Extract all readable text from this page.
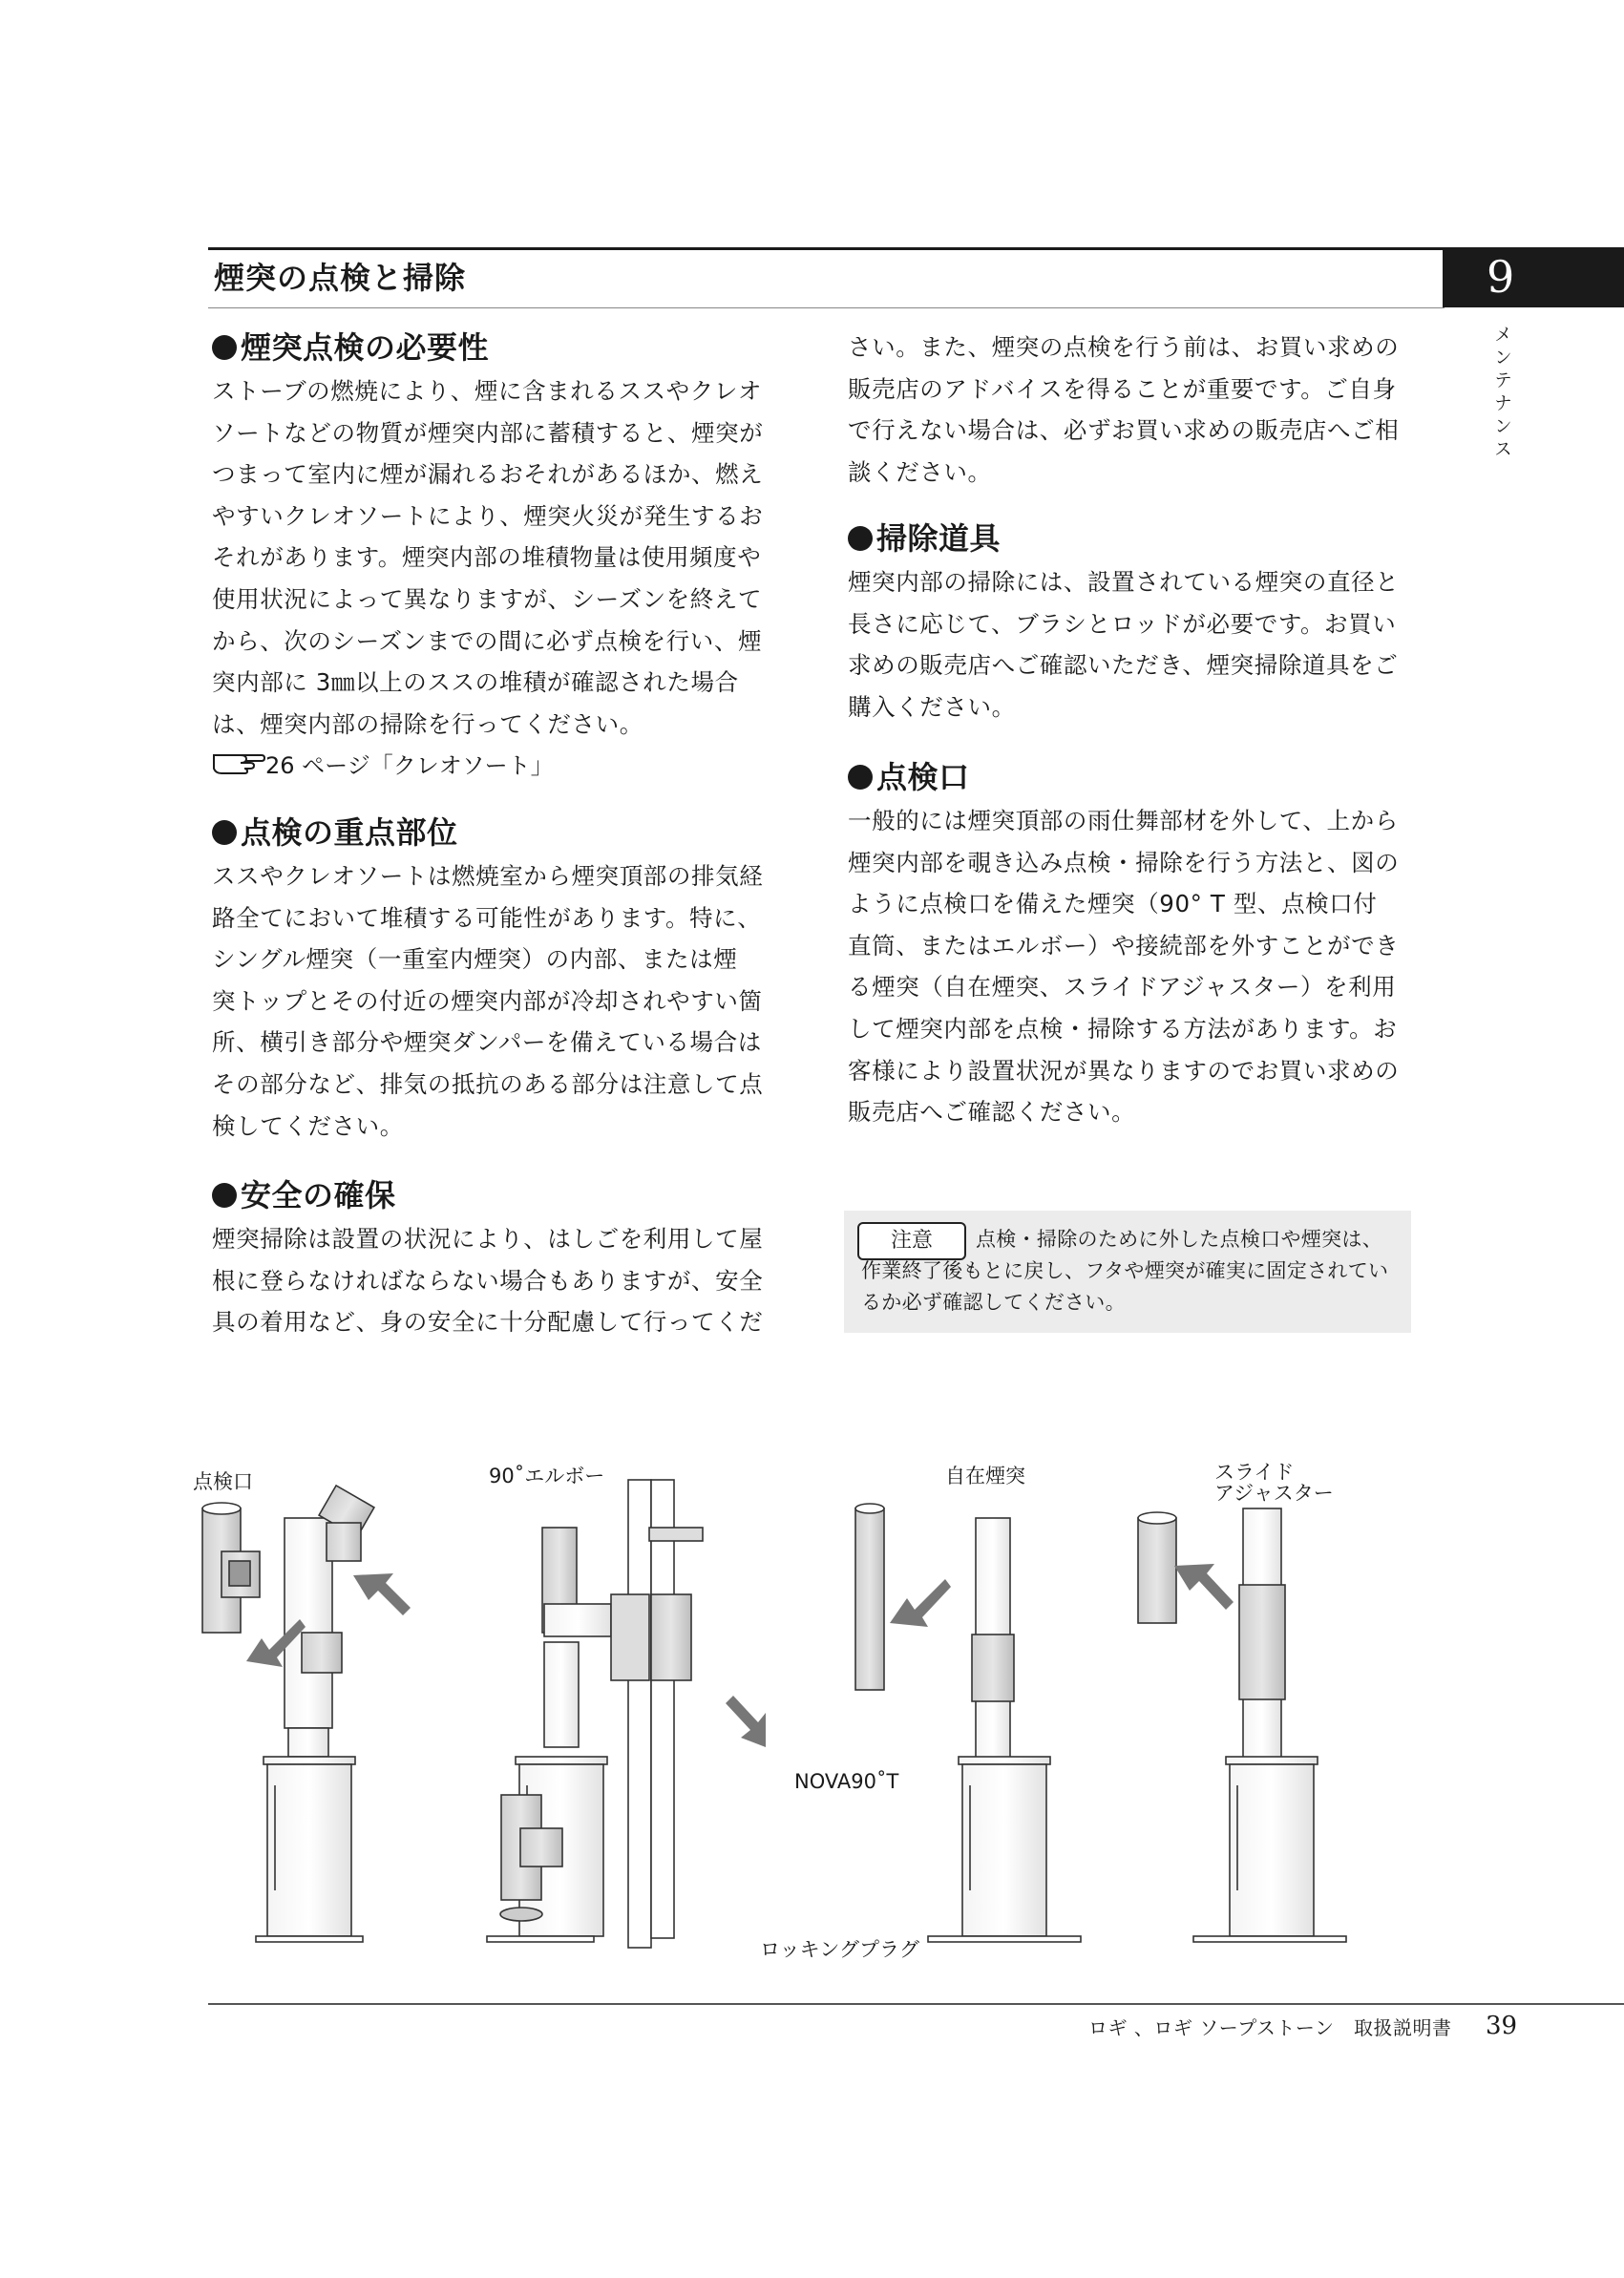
煙突の点検と掃除	9
メンテナンス
煙突点検の必要性

ストーブの燃焼により、煙に含まれるススやクレオ
ソートなどの物質が煙突内部に蓄積すると、煙突が
つまって室内に煙が漏れるおそれがあるほか、燃え
やすいクレオソートにより、煙突火災が発生するお
それがあります。煙突内部の堆積物量は使用頻度や
使用状況によって異なりますが、シーズンを終えて
から、次のシーズンまでの間に必ず点検を行い、煙
突内部に 3㎜以上のススの堆積が確認された場合
は、煙突内部の掃除を行ってください。

26 ページ「クレオソート」
点検の重点部位

ススやクレオソートは燃焼室から煙突頂部の排気経
路全てにおいて堆積する可能性があります。特に、
シングル煙突（一重室内煙突）の内部、または煙
突トップとその付近の煙突内部が冷却されやすい箇
所、横引き部分や煙突ダンパーを備えている場合は
その部分など、排気の抵抗のある部分は注意して点
検してください。

安全の確保

煙突掃除は設置の状況により、はしごを利用して屋
根に登らなければならない場合もありますが、安全
具の着用など、身の安全に十分配慮して行ってくだ

さい。また、煙突の点検を行う前は、お買い求めの
販売店のアドバイスを得ることが重要です。ご自身
で行えない場合は、必ずお買い求めの販売店へご相
談ください。

掃除道具

煙突内部の掃除には、設置されている煙突の直径と
長さに応じて、ブラシとロッドが必要です。お買い
求めの販売店へご確認いただき、煙突掃除道具をご
購入ください。

点検口

一般的には煙突頂部の雨仕舞部材を外して、上から
煙突内部を覗き込み点検・掃除を行う方法と、図の
ように点検口を備えた煙突（90° T 型、点検口付
直筒、またはエルボー）や接続部を外すことができ
る煙突（自在煙突、スライドアジャスター）を利用
して煙突内部を点検・掃除する方法があります。お
客様により設置状況が異なりますのでお買い求めの
販売店へご確認ください。

注意	点検・掃除のために外した点検口や煙突は、作業終了後もとに戻し、フタや煙突が確実に固定されているか必ず確認してください。
点検口	90˚エルボー	自在煙突	スライド
アジャスター
NOVA90˚T
ロッキングプラグ
ロギ 、ロギ ソープストーン　取扱説明書 39
